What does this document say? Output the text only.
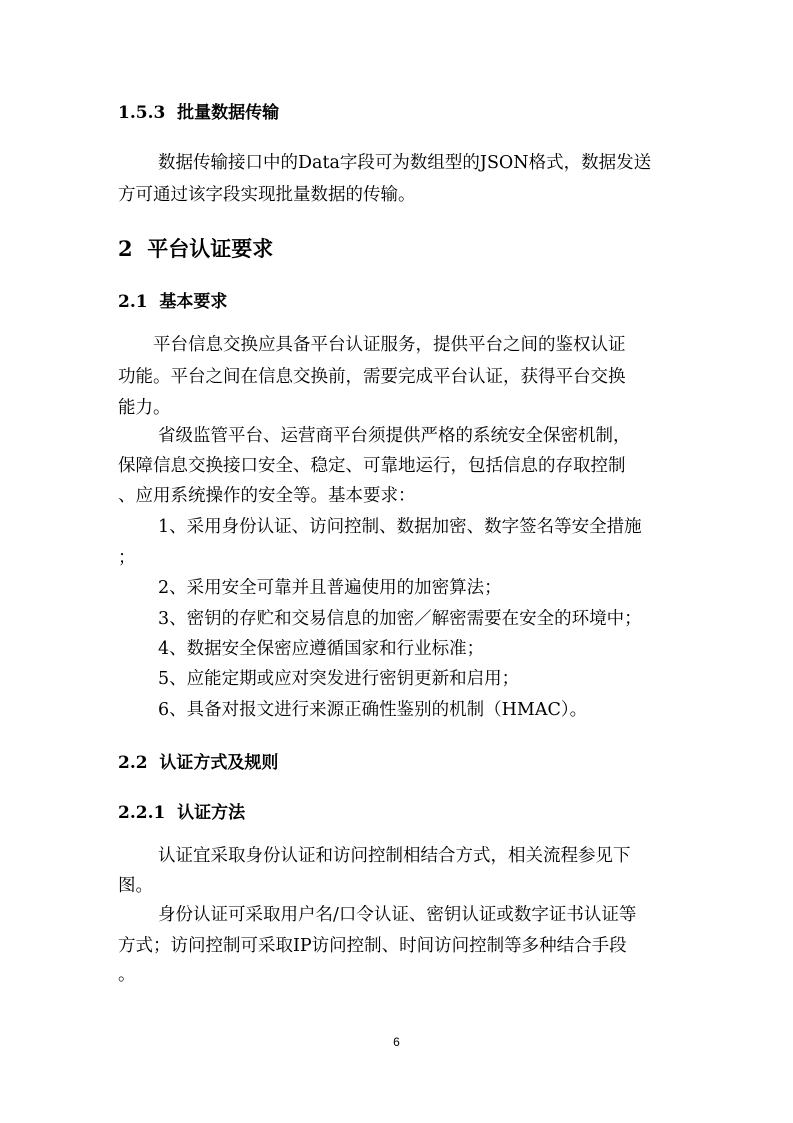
1.5.3 批量数据传输
数据传输接口中的Data字段可为数组型的JSON格式，数据发送
方可通过该字段实现批量数据的传输。
2 平台认证要求
2.1 基本要求
平台信息交换应具备平台认证服务，提供平台之间的鉴权认证
功能。平台之间在信息交换前，需要完成平台认证，获得平台交换
能力。
省级监管平台、运营商平台须提供严格的系统安全保密机制，
保障信息交换接口安全、稳定、可靠地运行，包括信息的存取控制
、应用系统操作的安全等。基本要求：
1、采用身份认证、访问控制、数据加密、数字签名等安全措施
；
2、采用安全可靠并且普遍使用的加密算法；
3、密钥的存贮和交易信息的加密／解密需要在安全的环境中；
4、数据安全保密应遵循国家和行业标准；
5、应能定期或应对突发进行密钥更新和启用；
6、具备对报文进行来源正确性鉴别的机制（HMAC）。
2.2 认证方式及规则
2.2.1 认证方法
认证宜采取身份认证和访问控制相结合方式，相关流程参见下
图。
身份认证可采取用户名/口令认证、密钥认证或数字证书认证等
方式；访问控制可采取IP访问控制、时间访问控制等多种结合手段
。
6
